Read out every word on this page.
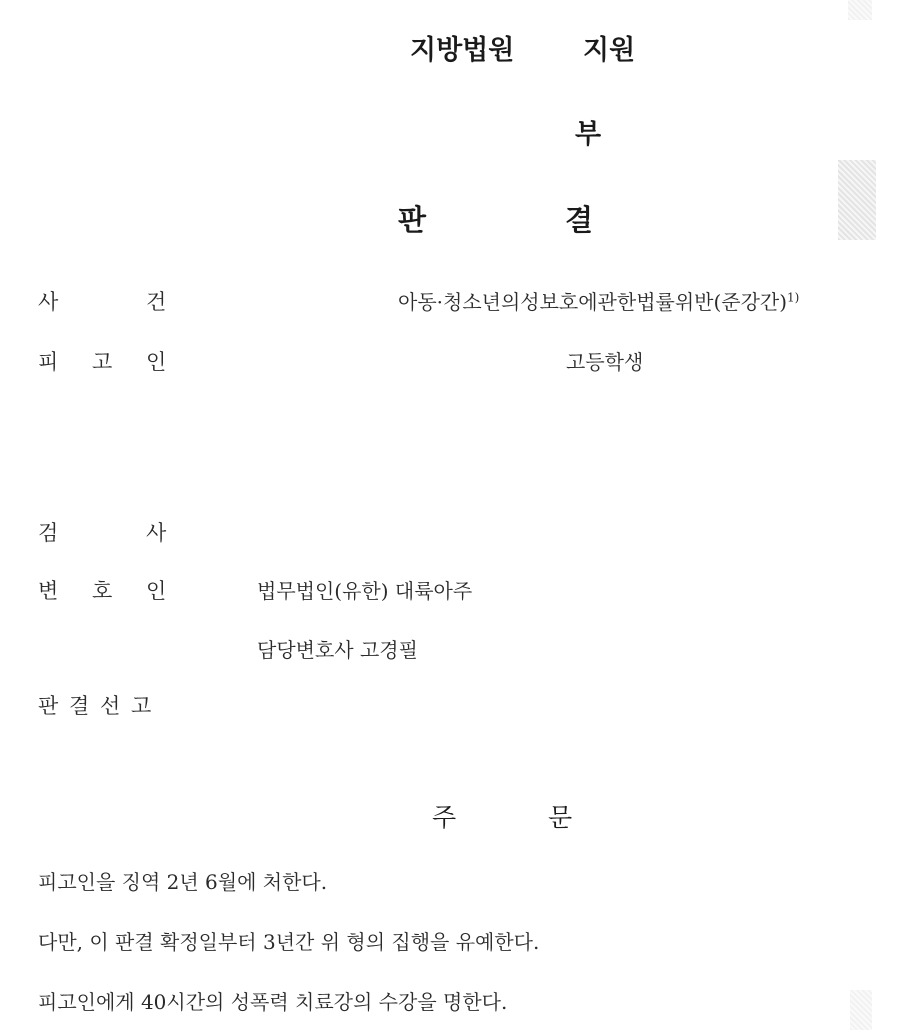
지방법원	지원
부
판	결
사	건	아동·청소년의성보호에관한법률위반(준강간)$^{1)}$
피	고	인	고등학생
검	사
변	호	인	법무법인(유한) 대륙아주
담당변호사 고경필
판 결 선 고
주	문
피고인을 징역 2년 6월에 처한다.
다만, 이 판결 확정일부터 3년간 위 형의 집행을 유예한다.
피고인에게 40시간의 성폭력 치료강의 수강을 명한다.
